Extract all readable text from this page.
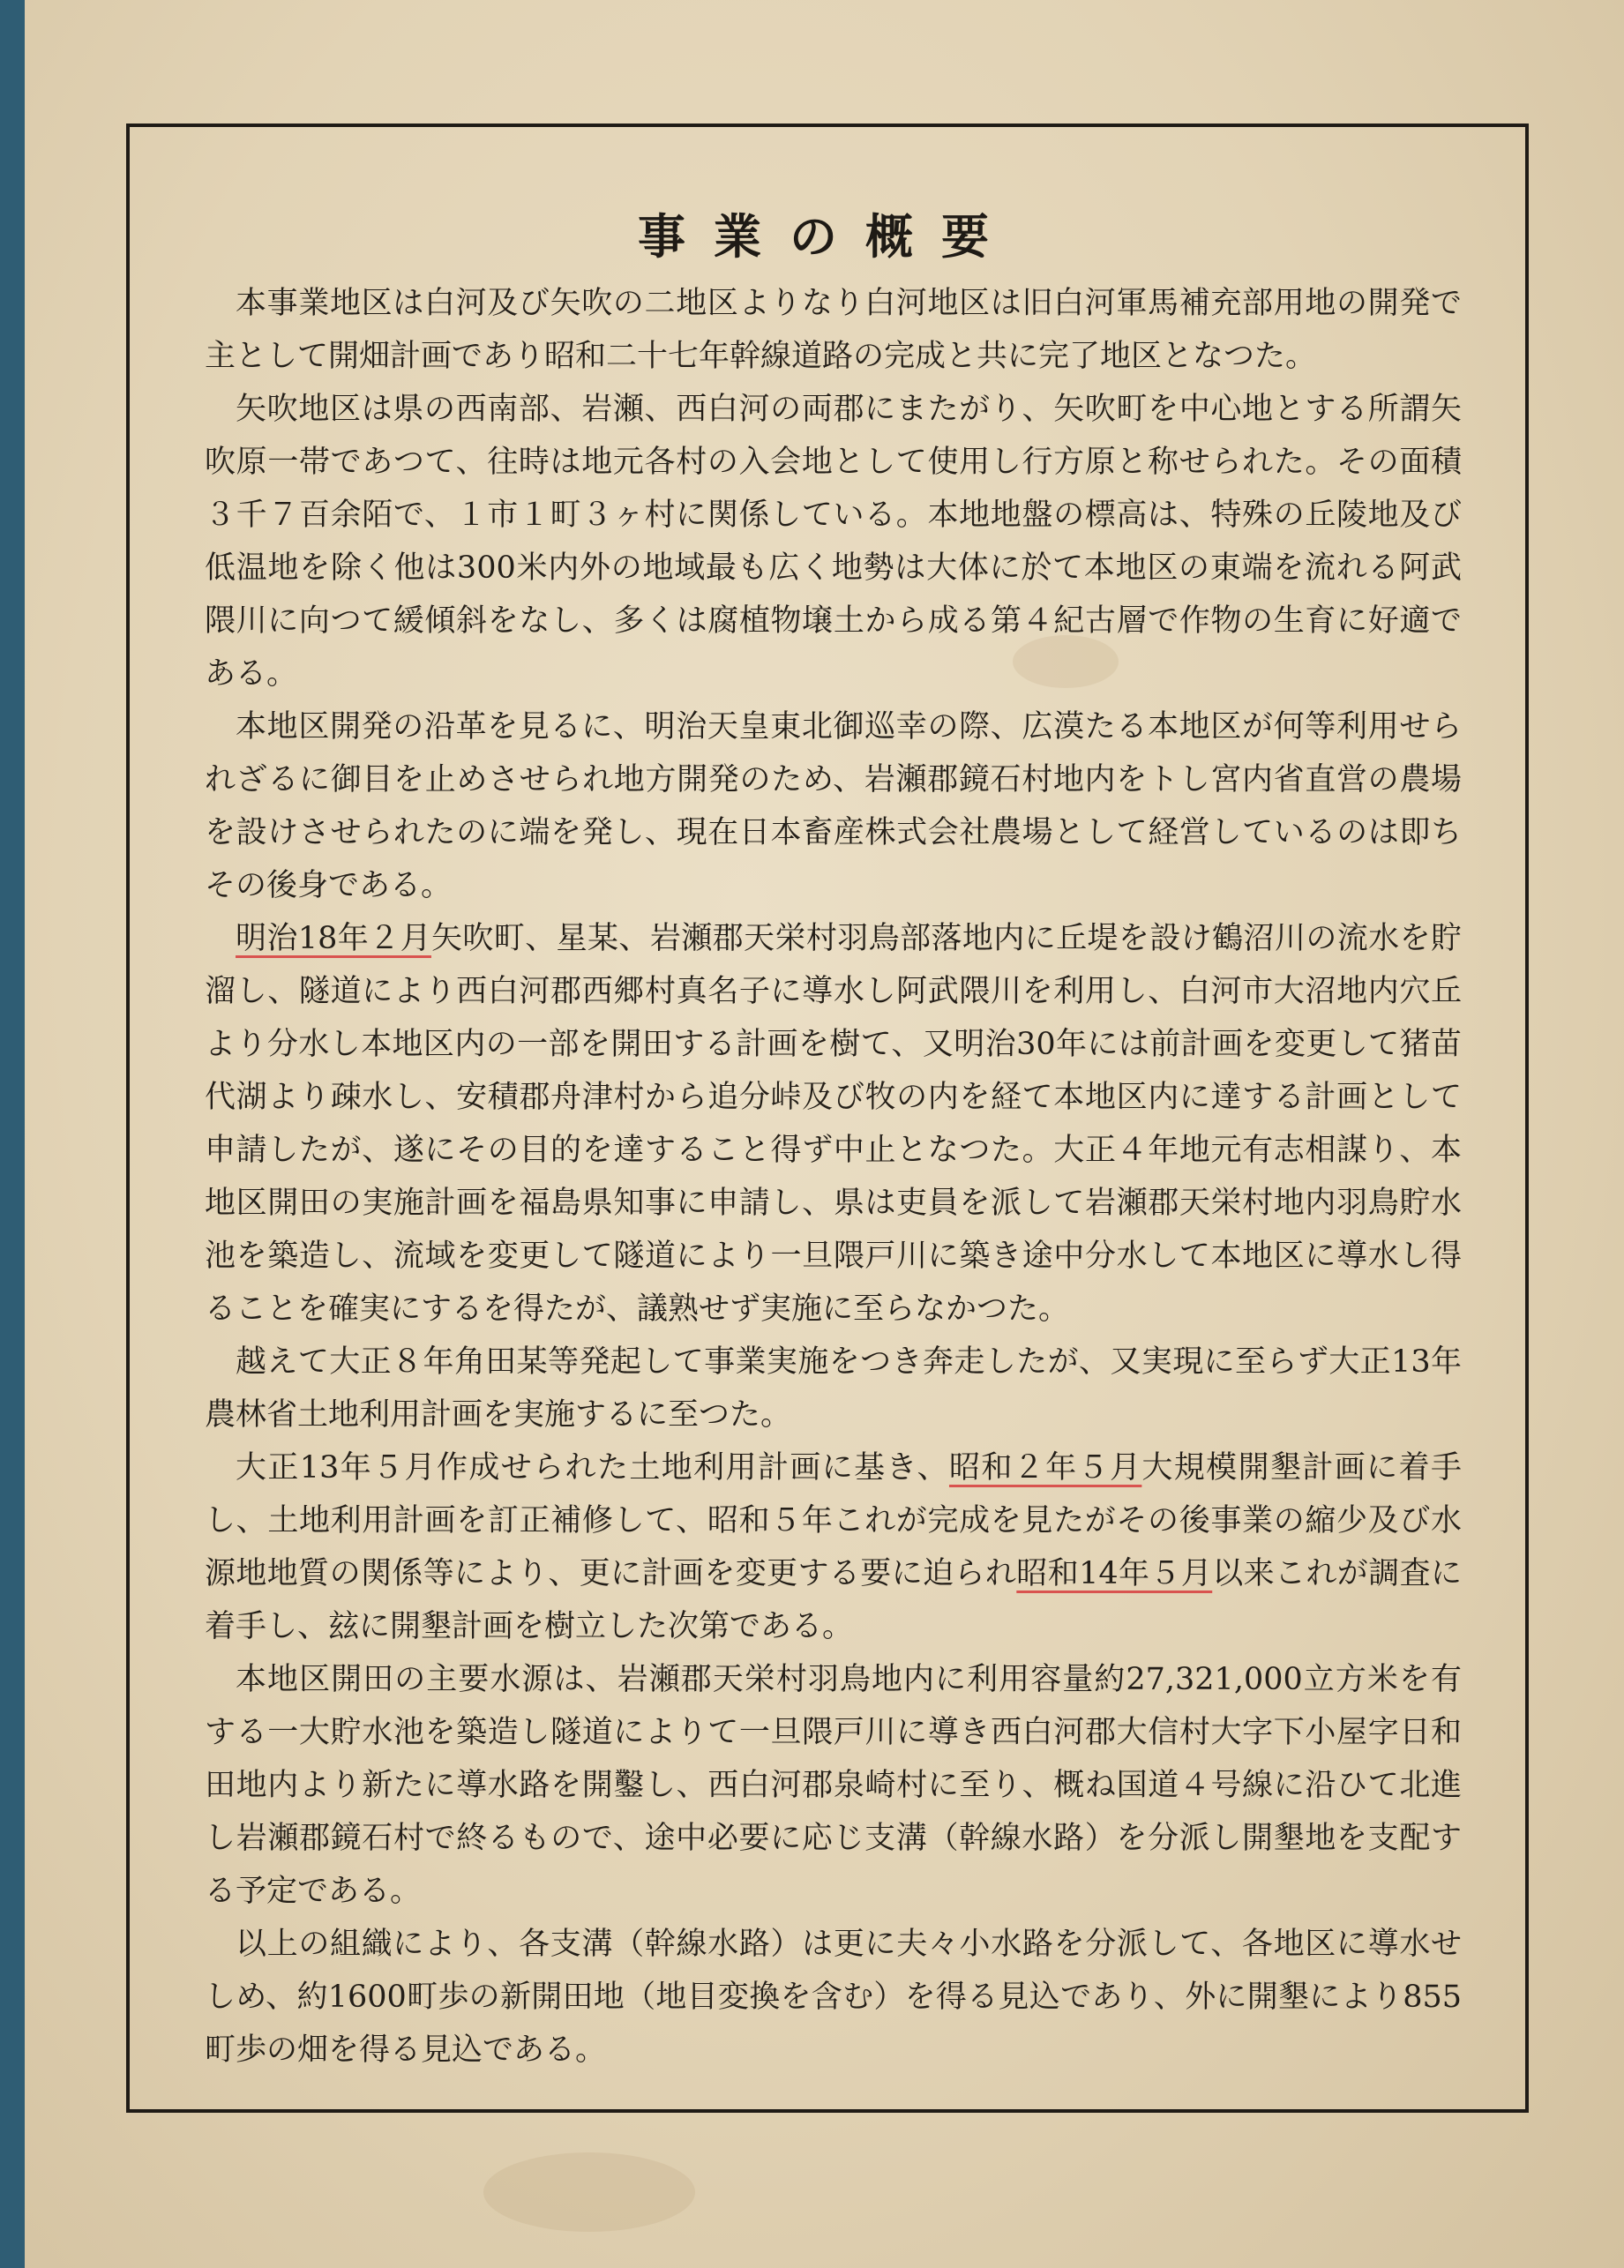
事業の概要

本事業地区は白河及び矢吹の二地区よりなり白河地区は旧白河軍馬補充部用地の開発で主として開畑計画であり昭和二十七年幹線道路の完成と共に完了地区となつた。

矢吹地区は県の西南部、岩瀬、西白河の両郡にまたがり、矢吹町を中心地とする所謂矢吹原一帯であつて、往時は地元各村の入会地として使用し行方原と称せられた。その面積３千７百余陌で、１市１町３ヶ村に関係している。本地地盤の標高は、特殊の丘陵地及び低温地を除く他は300米内外の地域最も広く地勢は大体に於て本地区の東端を流れる阿武隈川に向つて緩傾斜をなし、多くは腐植物壌土から成る第４紀古層で作物の生育に好適である。

本地区開発の沿革を見るに、明治天皇東北御巡幸の際、広漠たる本地区が何等利用せられざるに御目を止めさせられ地方開発のため、岩瀬郡鏡石村地内をトし宮内省直営の農場を設けさせられたのに端を発し、現在日本畜産株式会社農場として経営しているのは即ちその後身である。

明治18年２月矢吹町、星某、岩瀬郡天栄村羽鳥部落地内に丘堤を設け鶴沼川の流水を貯溜し、隧道により西白河郡西郷村真名子に導水し阿武隈川を利用し、白河市大沼地内穴丘より分水し本地区内の一部を開田する計画を樹て、又明治30年には前計画を変更して猪苗代湖より疎水し、安積郡舟津村から追分峠及び牧の内を経て本地区内に達する計画として申請したが、遂にその目的を達すること得ず中止となつた。大正４年地元有志相謀り、本地区開田の実施計画を福島県知事に申請し、県は吏員を派して岩瀬郡天栄村地内羽鳥貯水池を築造し、流域を変更して隧道により一旦隈戸川に築き途中分水して本地区に導水し得ることを確実にするを得たが、議熟せず実施に至らなかつた。

越えて大正８年角田某等発起して事業実施をつき奔走したが、又実現に至らず大正13年農林省土地利用計画を実施するに至つた。

大正13年５月作成せられた土地利用計画に基き、昭和２年５月大規模開墾計画に着手し、土地利用計画を訂正補修して、昭和５年これが完成を見たがその後事業の縮少及び水源地地質の関係等により、更に計画を変更する要に迫られ昭和14年５月以来これが調査に着手し、玆に開墾計画を樹立した次第である。

本地区開田の主要水源は、岩瀬郡天栄村羽鳥地内に利用容量約27,321,000立方米を有する一大貯水池を築造し隧道によりて一旦隈戸川に導き西白河郡大信村大字下小屋字日和田地内より新たに導水路を開鑿し、西白河郡泉崎村に至り、概ね国道４号線に沿ひて北進し岩瀬郡鏡石村で終るもので、途中必要に応じ支溝（幹線水路）を分派し開墾地を支配する予定である。

以上の組織により、各支溝（幹線水路）は更に夫々小水路を分派して、各地区に導水せしめ、約1600町歩の新開田地（地目変換を含む）を得る見込であり、外に開墾により855町歩の畑を得る見込である。
